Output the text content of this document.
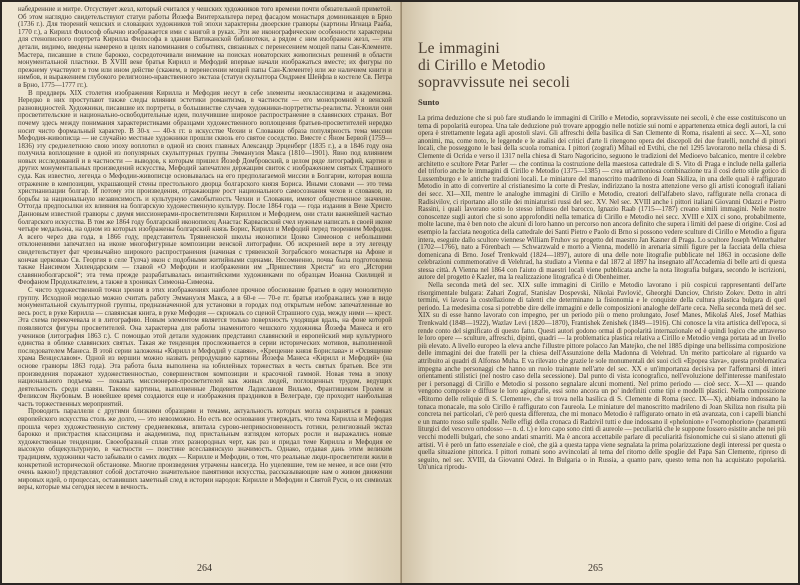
набедренние и митре. Отсуствует жезл, который считался у чешских художников того времени почти обязательной приметой. Об этом наглядно свидетельствуют статуи работы Йозефа Винтерхальтера перед фасадом монастыря доминиканцев в Брно (1736 г.). Для творений чешских и словацких художников той эпохи характерны двоерские гравюры (картины Игнаца Рааба, 1770 г.), а Кирилл Философ обычно изображается ими с книгой в руках. Эти же иконографические особенности характерны для стенописного портрета Кирилла Философа в здании Ватиканской библиотеки, а рядом с ним изображен жезл, — эти детали, видимо, введены намерено в целях напоминания о событиях, связанных с перенесением мощей папы Сан-Клементе. Мастера, писавшие в стиле барокко, сосредоточивали внимание на поисках новаторских живописных решений в области монументальной пластики. В XVIII веке братья Кирилл и Мефодий впервые начали изображаться вместе; их фигуры по прежнему участвуют в том или ином действе (скажем, в перенесении мощей папы Сан-Клементе) или же наличием книги и нимбов, и выражением глубокого религиозно-нравственного экстаза (статуи скульптора Ондржея Шейфла в костеле Св. Петра в Брно, 1775—1777 гг.).

В преддверь XIX столетия изображения Кирилла и Мефодия несут в себе элементы неоклассицизма и академизма. Нередко в них проступают также следы влияния эстетики романтизма, в частности — его монохромной и венской разновидностей. Художники, писавшие их портреты, в большинстве случаев художники-портретисты-реалисты. Усвоили они просветительские и национально-освободительные идеи, получившие широкое распространение в славянских странах. Вот почему здесь между понимания характеристиками образцами художественного воплощения братьев-просветителей нередко носит чисто формальный характер. В 30-х — 40-х гг. в искусстве Чехии и Словакии образа популярность тема миссии Мефодия-живописца — не случайно местные художники прошли сквозь его святое соседство. Вместе с Яном Бервой (1759—1836) эту среднелетнюю свою эпоху воплотил в одной из своих главных Александр Эрценберг (1835 г.), а в 1846 году она получила воплощение в одной из популярных скульптурных группы Эммануэля Макса (1810—1901). Явно под влиянием новых исследований и в частности — выводов, к которым пришел Йозеф Домбровский, в целом ряде литографий, картин и других монументальных произведений искусства, Мефодий запечатлен держащим свиток с изображением святых Страшного суда. Как известно, легенда о Мефодии-живописце основывалась на его предполагаемой миссии в Болгарии, которая вошла отражение в композиции, украшающей стены престольного дворца болгарского князя Бориса. Иными словами — это тема христианизации болгар. И потому эти произведения, отражающие рост национального самосознания чехов и словаков, из борьбы за национальную независимость и культурную самобытность Чехии и Словакии, имеют общественное значение. Оттогда предпосылки их влияния на болгарскую художественную культуру. После 1864 года — года издания в Вене Христо Данновым известной гравюры с двумя миссионерами-просветителями Кириллом и Мефодием, они стали важнейшей частью болгарского искусства. В том же 1864 году болгарский иконописец Анастас Карвасвский счел нужным написать в своей иконе четыре медальона, на одном из которых изображены болгарский князь Борис, Кирилл и Мефодий перед творением Мефодия. А всего через два года, в 1866 году, представитель Трявненской школы иконописи Цонко Симеонов с небольшими отклонениями запечатлел на иконе многофигурные композиции венской литографии. Об искренней вере в эту легенду свидетельствует фат чрезвычайно широкого распространения (начиная с трявенской Зограбского монастыря на Афоне и кончая церковью Св. Георгия в селе Тулча) икон с подобными житийными сценами. Несомненно, почва была подготовлена также Наисимом Хилендарским — главой «О Мефодии и изображении им „Пришествия Христа“ из его „Истории славянноболгарской“; эта тема прежде разрабатывалась византийскими художниками по образцам Иоанна Скилицей и Феофаном Продолжателем, а также в хрониках Симеона-Симеона.

С чисто художественной точки зрения в этих изображениях наиболее прочное обоснование братьев в одну монолитную группу. Исходной моделью можно считать работу Эммануэля Макса, а в 60-е — 70-е гг. братья изображались уже в виде монументальной скульптурной группы, предназначенной для установки в городах под открытым небом: запечатленные во весь рост, в руке Кирилла — славянская книга, в руке Мефодия — скрижаль со сценой Страшного суда, между ними — крест. Эта схема перекочевала и в литографию. Новым элементом является только поверхность уходящая вдаль, на фоне которой появляются фигуры просветителей. Она характерна для работы знаменитого чешского художника Йозефа Манеса и его учеников (литография 1863 г.). С помощью этой детали художник представил славянский и европейский мир культурного единства в облике славянских святых. Такая же тенденция прослеживается в серии исторических мотивов, выполненной последователем Манеса. В этой серии заложены «Кирилл и Мефодий у славян», «Крещение князя Борислава» и «Освящение храма Венцеславом». Одной из вершин можно назвать репродукцию картины Йозефа Манеса «Кирилл и Мефодий» (на основе гравюры 1863 года). Эта работа была выполнена на юбилейных торжествах в честь святых братьев. Все эти произведения поражают художественностью, совершенством композиции и красочной гаммой. Новая тема в эпоху национального подъема — показать миссионеров-просветителей как живых людей, поглощенных трудом, ведущих деятельность среди славян. Таковы картины, выполненные Людевитом Ладиславом Вильмо, Франтишеком Гролем и Феликсом Якубовым. В новейшее время создаются еще и изображения праздников в Велеграде, где проходит наибольшая часть торжественных мероприятий.

Проводить параллели с другими близкими образцами и темами, актуальность которых могла сохраняться в рамках европейского искусства столь же долго, — это невозможно. Но есть все основания утверждать, что тема Кирилла и Мефодия прошла через художественную систему средневековья, впитала сурово-неприкосновенность готики, религиозный экстаз барокко и пристрастия классицизма и академизма, под пристальным взглядом которых росли и выражались новые художественные тенденции. Своеобразный сплав этих разнородных черт, как раз и придал теме Кирилла и Мефодия ее высокую общекультурную, в частности — поистине всеславянскую значимость. Однако, отдавая дань этим великим традициям, художники часто забывали о самих людях — Кирилле и Мефодии, о том, что реальные люди-просветители жили в конкретной исторической обстановке. Многие произведения утрачены навсегда. Но уцелевшие, тем не менее, и все они (что очень важно!) представляют собой достаточно значительное памятники искусства, рассказывающие нам о живом движении мировых идей, о процессах, оставивших заметный след в истории народов: Кирилле и Мефодии и Святой Руси, о их символах веры, которые мы сегодня несем в вечность.

264
Le immagini
di Cirillo e Metodio
sopravvissute nei secoli
Sunto

La prima deduzione che si può fare studiando le immagini di Cirillo e Metodio, sopravvissute nei secoli, è che esse costituiscono un tema di popolarità europea. Una tale deduzione può trovare appoggio nelle notizie sui nomi e appartenenza etnica degli autori, la cui opera è strettamente legata agli apostoli slavi. Gli affreschi della basilica di San Clemente di Roma, risalenti ai secc. X—XI, sono anonimi, ma, come noto, le leggende e le analisi dei critici d'arte li ritengono opera dei discepoli dei due fratelli, nonché di pittori locali, che posseggono le basi della scuola romanica. I pittori (zografi) Mihail ed Evtihi, che nel 1295 lavorarono nella chiesa di S. Clemente di Ocrida e verso il 1317 nella chiesa di Staro Nagoricino, seguono le tradizioni del Medioevo balcanico, mentre il celebre architetto e scultore Petar Parler — che continua la costruzione della maestosa cattedrale di S. Vito di Praga e include nella galleria del triforio anche le immagini di Cirillo e Metodio (1375—1385) — crea un'armoniosa combinazione tra il così detto stile gotico di Lussemburgo e le antiche tradizioni locali. Le miniature del manoscritto madrileno di Joan Skiliza, in una delle quali è raffigurato Metodio in atto di convertire al cristianesimo la corte di Preslav, indirizzano la nostra attenzione verso gli artisti iconografi italiani dei secc. XI—XII, mentre le analoghe immagini di Cirillo e Metodio, creatori dell'alfabeto slavo, raffigurate nella cronaca di Radisivilov, ci riportano allo stile dei miniaturisti russi del sec. XV. Nel sec. XVIII anche i pittori italiani Giovanni Odazzi e Pietro Rassini, i quali lavorano sotto lo stesso influsso del barocco, Ignazio Raab (1715—1787) creano simili immagini. Nelle nostre conoscenze sugli autori che si sono approfonditi nella tematica di Cirillo e Metodio nei secc. XVIII e XIX ci sono, probabilmente, molte lacune, ma è ben noto che alcuni di loro hanno un percorso non ancora definito che supera i limiti del paese di origine. Così ad esempio la facciata neogotica della cattedrale dei Santi Pietro e Paolo di Brno si possono vedere sculture di Cirillo e Metodio a figura intera, eseguite dallo scultore viennese William Fruhov su progetto del maestro Jan Kasner di Praga. Lo scultore Joseph Winterhalter (1702—1766), nato a Förenbach — Schwarzwald e morto a Vienna, modellò in arenaria simili figure per la facciata della chiesa domenicana di Brno. Josef Trenkwald (1824—1897), autore di una delle note litografie pubblicate nel 1863 in occasione delle celebrazioni commemorative di Velehrad, ha studiato a Vienna e dal 1872 al 1897 ha insegnato all'Accademia di belle arti di questa stessa città. A Vienna nel 1864 con l'aiuto di maestri locali viene pubblicata anche la nota litografia bulgara, secondo le iscrizioni, autore del progetto è Kazler, ma la realizzazione litografica è di Obenheimer.

Nella seconda metà del sec. XIX sulle immagini di Cirillo e Metodio lavorano i più cospicui rappresentanti dell'arte risorgimentale bulgara: Zahari Zograf, Stanislav Dospevski, Nikolai Pavlović, Gheorghi Danciov, Christo Zokev. Detto in altri termini, vi lavora la costellazione di talenti che determinano la fisionomia e le conquiste della cultura plastica bulgara di quel periodo. La medesima cosa si potrebbe dire delle immagini e delle composizioni analoghe dell'arte ceca. Nella seconda metà del sec. XIX su di esse hanno lavorato con impegno, per un periodo più o meno prolungato, Josef Manes, Mikolaš Aleš, Josef Mathias Trenkwald (1848—1922), Wazlav Levi (1820—1870), Frantishek Zenishek (1849—1916). Chi conosce la vita artistica dell'epoca, si rende conto del significato di questo fatto. Questi autori godono ormai di popolarità internazionale ed è quindi logico che attraverso le loro opere — sculture, affreschi, dipinti, quadri — la problematica plastica relativa a Cirillo e Metodio venga portata ad un livello più elevato. A livello europeo la eleva anche l'illustre pittore polacco Jan Matejko, che nel 1885 dipinge una bellissima composizione delle immagini dei due fratelli per la chiesa dell'Assunzione della Madonna di Velehrad. Un merito particolare al riguardo va attribuito ai quadri di Alfonso Muha. E va rilevato che grazie le sole monumentali dei suoi cicli «Epopea slava», questa problematica impegna anche personaggi che hanno un ruolo trainante nell'arte del sec. XX e un'importanza decisiva per l'affermarsi di interi orientamenti stilistici (nel nostro caso della secessione). Dal punto di vista iconografico, nell'evoluzione dell'interesse manifestato per i personaggi di Cirillo e Metodio si possono segnalare alcuni momenti. Nel primo periodo — cioè secc. X—XI — quando vengono composte e diffuse le loro agiografie, essi sono ancora un po' indefiniti come tipi e modelli plastici. Nella composizione «Ritorno delle reliquie di S. Clemente», che si trova nella basilica di S. Clemente di Roma (secc. IX—X), abbiamo indossano la tonaca monacale, ma solo Cirillo è raffigurato con l'aureola. Le miniature del manoscritto madrileno di Joan Skiliza non risulta più concreta nei particolari, c'è però questa differenza, che mi monaco Metodio è raffigurato ornato in età avanzata, con i capelli bianchi e un manto rosso sulle spalle. Nelle effigi della cronaca di Radzivil tutti e due indossano il «phelonion» e l'«omophorion» (paramenti liturgici del vescovo ortodosso — n. d. t.) e loro capo sono cinti di aureole — peculiarità che le suppone fossero esistite anche nei più vecchi modelli bulgari, che sono andati smarriti. Ma è ancora accettabile parlare di peculiarità fisionomiche cui si siano attenuti gli artisti. Vi è però un fatto essenziale e cioè, che già a questa tappa viene segnalata la prima polarizzazione degli interessi per questa o quella situazione pittorica. I pittori romani sono avvincolati al tema del ritorno delle spoglie del Papa San Clemente, ripreso di seguito, nel sec. XVIII, da Giovanni Odezi. In Bulgaria o in Russia, a quanto pare, questo tema non ha acquistato popolarità. Un'unica riprodu-

265
